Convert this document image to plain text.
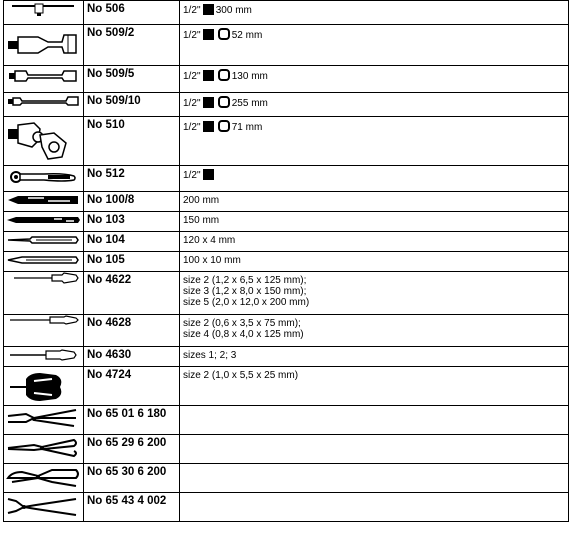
	No 506	1/2'' 300 mm

	No 509/2	1/2'' 52 mm

	No 509/5	1/2'' 130 mm

	No 509/10	1/2'' 255 mm

	No 510	1/2'' 71 mm

	No 512	1/2''

	No 100/8	200 mm

	No 103	150 mm

	No 104	120 x 4 mm

	No 105	100 x 10 mm

	No 4622	size 2 (1,2 x 6,5 x 125 mm);
size 3 (1,2 x 8,0 x 150 mm);
size 5 (2,0 x 12,0 x 200 mm)

	No 4628	size 2 (0,6 x 3,5 x 75 mm);
size 4 (0,8 x 4,0 x 125 mm)

	No 4630	sizes 1; 2; 3

	No 4724	size 2 (1,0 x 5,5 x 25 mm)

	No 65 01 6 180	

	No 65 29 6 200	

	No 65 30 6 200	

	No 65 43 4 002	
